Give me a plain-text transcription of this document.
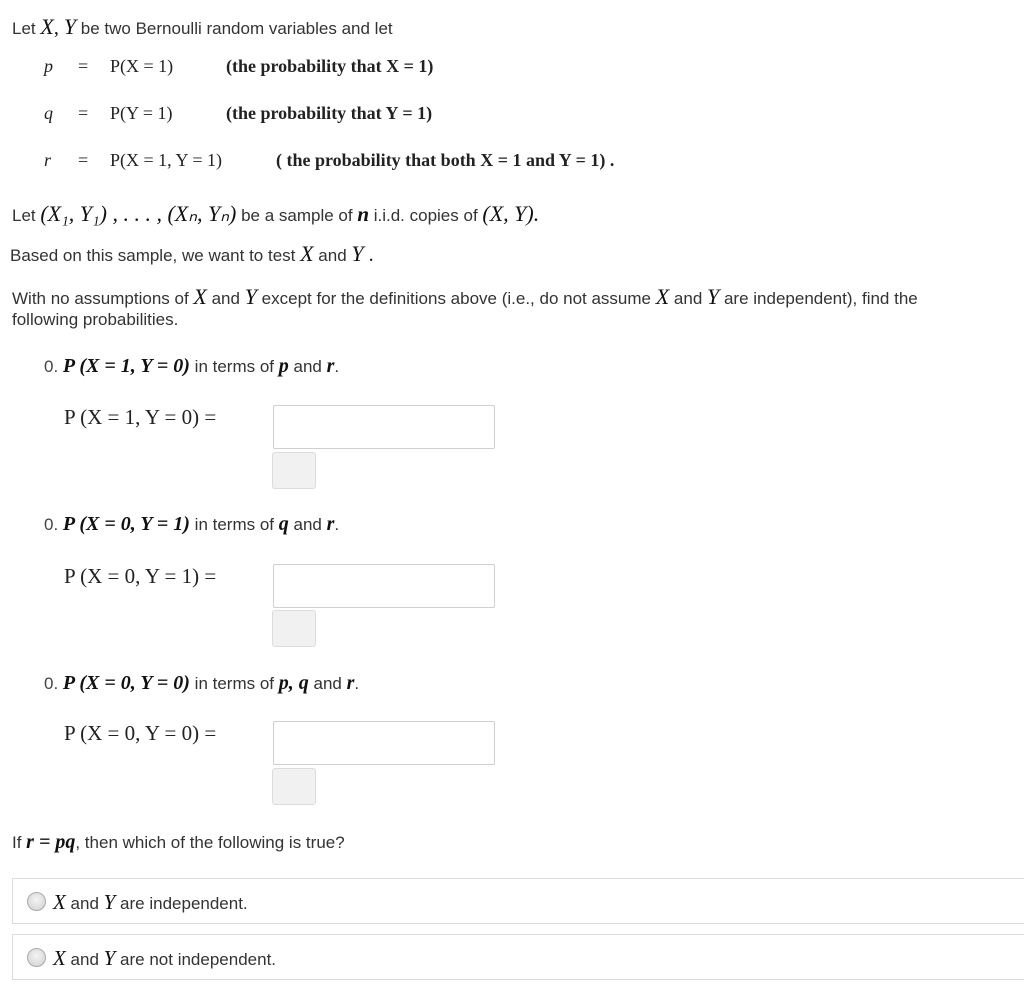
Let X, Y be two Bernoulli random variables and let
p = P(X = 1)	(the probability that X = 1)
q = P(Y = 1)	(the probability that Y = 1)
r = P(X = 1, Y = 1)	( the probability that both X = 1 and Y = 1) .
Let (X₁, Y₁) , . . . , (Xₙ, Yₙ) be a sample of n i.i.d. copies of (X, Y).
Based on this sample, we want to test X and Y .
With no assumptions of X and Y except for the definitions above (i.e., do not assume X and Y are independent), find the
following probabilities.
0. P (X = 1, Y = 0) in terms of p and r.
P (X = 1, Y = 0) =
0. P (X = 0, Y = 1) in terms of q and r.
P (X = 0, Y = 1) =
0. P (X = 0, Y = 0) in terms of p, q and r.
P (X = 0, Y = 0) =
If r = pq, then which of the following is true?
X and Y are independent.
X and Y are not independent.
